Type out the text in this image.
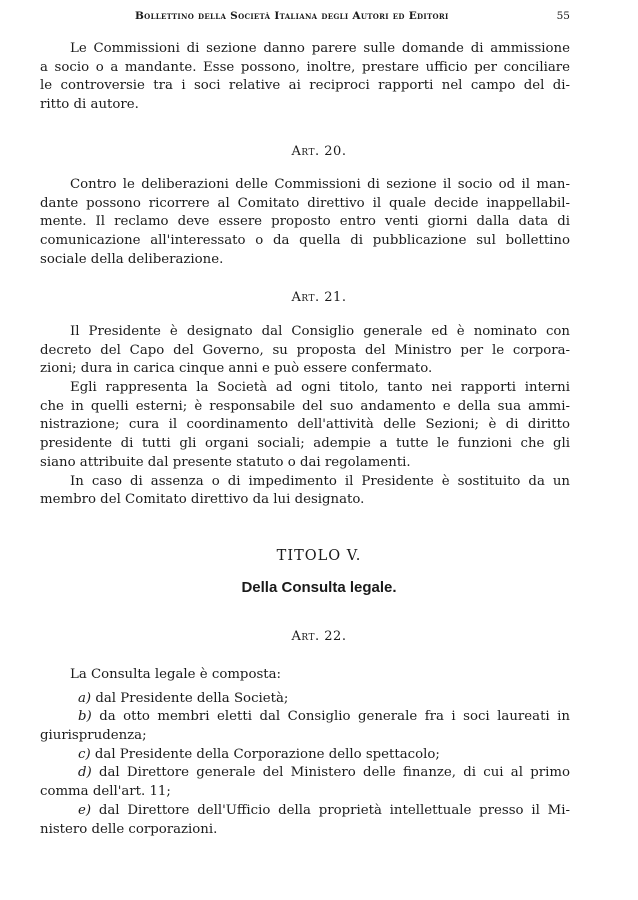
Bollettino della Società Italiana degli Autori ed Editori	55
Le Commissioni di sezione danno parere sulle domande di ammissione
a socio o a mandante. Esse possono, inoltre, prestare ufficio per conciliare
le controversie tra i soci relative ai reciproci rapporti nel campo del di-
ritto di autore.
Art. 20.
Contro le deliberazioni delle Commissioni di sezione il socio od il man-
dante possono ricorrere al Comitato direttivo il quale decide inappellabil-
mente. Il reclamo deve essere proposto entro venti giorni dalla data di
comunicazione all'interessato o da quella di pubblicazione sul bollettino
sociale della deliberazione.
Art. 21.
Il Presidente è designato dal Consiglio generale ed è nominato con
decreto del Capo del Governo, su proposta del Ministro per le corpora-
zioni; dura in carica cinque anni e può essere confermato.
Egli rappresenta la Società ad ogni titolo, tanto nei rapporti interni
che in quelli esterni; è responsabile del suo andamento e della sua ammi-
nistrazione; cura il coordinamento dell'attività delle Sezioni; è di diritto
presidente di tutti gli organi sociali; adempie a tutte le funzioni che gli
siano attribuite dal presente statuto o dai regolamenti.
In caso di assenza o di impedimento il Presidente è sostituito da un
membro del Comitato direttivo da lui designato.
TITOLO V.
Della Consulta legale.
Art. 22.
La Consulta legale è composta:
a) dal Presidente della Società;
b) da otto membri eletti dal Consiglio generale fra i soci laureati in
giurisprudenza;
c) dal Presidente della Corporazione dello spettacolo;
d) dal Direttore generale del Ministero delle finanze, di cui al primo
comma dell'art. 11;
e) dal Direttore dell'Ufficio della proprietà intellettuale presso il Mi-
nistero delle corporazioni.
